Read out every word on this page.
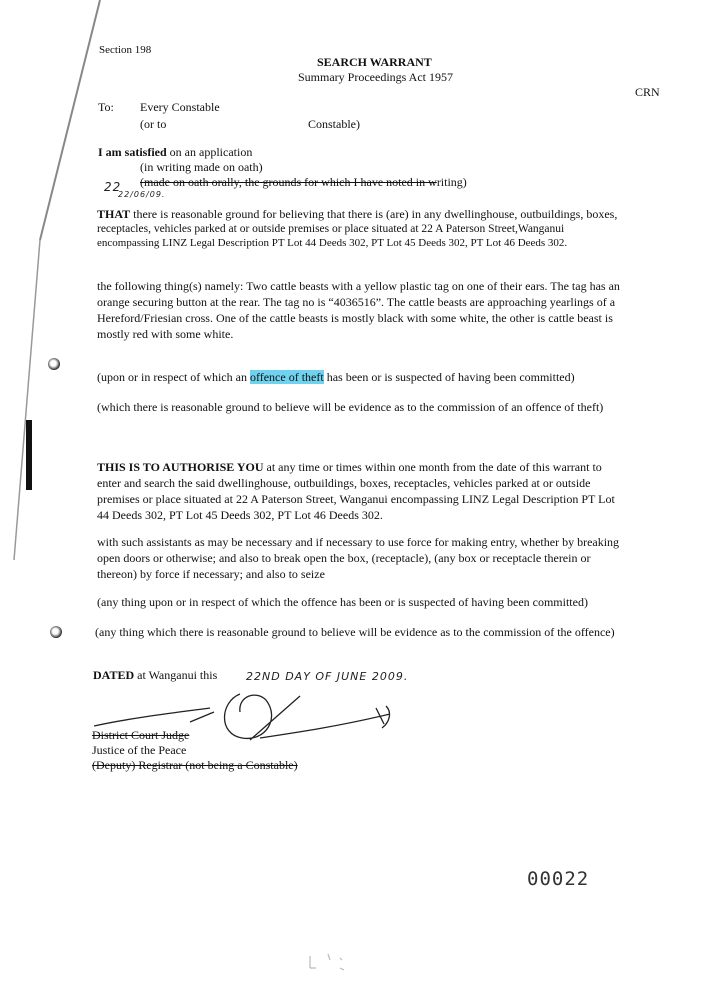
Section 198
SEARCH WARRANT
Summary Proceedings Act 1957
CRN
To: Every Constable
(or to	Constable)
I am satisfied on an application
(in writing made on oath)
(made on oath orally, the grounds for which I have noted in writing)
22
22/06/09.
THAT there is reasonable ground for believing that there is (are) in any dwellinghouse, outbuildings, boxes,
receptacles, vehicles parked at or outside premises or place situated at 22 A Paterson Street,Wanganui
encompassing LINZ Legal Description PT Lot 44 Deeds 302, PT Lot 45 Deeds 302, PT Lot 46 Deeds 302.
the following thing(s) namely: Two cattle beasts with a yellow plastic tag on one of their ears. The tag has an
orange securing button at the rear. The tag no is “4036516”. The cattle beasts are approaching yearlings of a
Hereford/Friesian cross. One of the cattle beasts is mostly black with some white, the other is cattle beast is
mostly red with some white.
(upon or in respect of which an offence of theft has been or is suspected of having been committed)
(which there is reasonable ground to believe will be evidence as to the commission of an offence of theft)
THIS IS TO AUTHORISE YOU at any time or times within one month from the date of this warrant to
enter and search the said dwellinghouse, outbuildings, boxes, receptacles, vehicles parked at or outside
premises or place situated at 22 A Paterson Street, Wanganui encompassing LINZ Legal Description PT Lot
44 Deeds 302, PT Lot 45 Deeds 302, PT Lot 46 Deeds 302.
with such assistants as may be necessary and if necessary to use force for making entry, whether by breaking
open doors or otherwise; and also to break open the box, (receptacle), (any box or receptacle therein or
thereon) by force if necessary; and also to seize
(any thing upon or in respect of which the offence has been or is suspected of having been committed)
(any thing which there is reasonable ground to believe will be evidence as to the commission of the offence)
DATED at Wanganui this	22ND DAY OF JUNE 2009.
District Court Judge
Justice of the Peace
(Deputy) Registrar (not being a Constable)
00022
